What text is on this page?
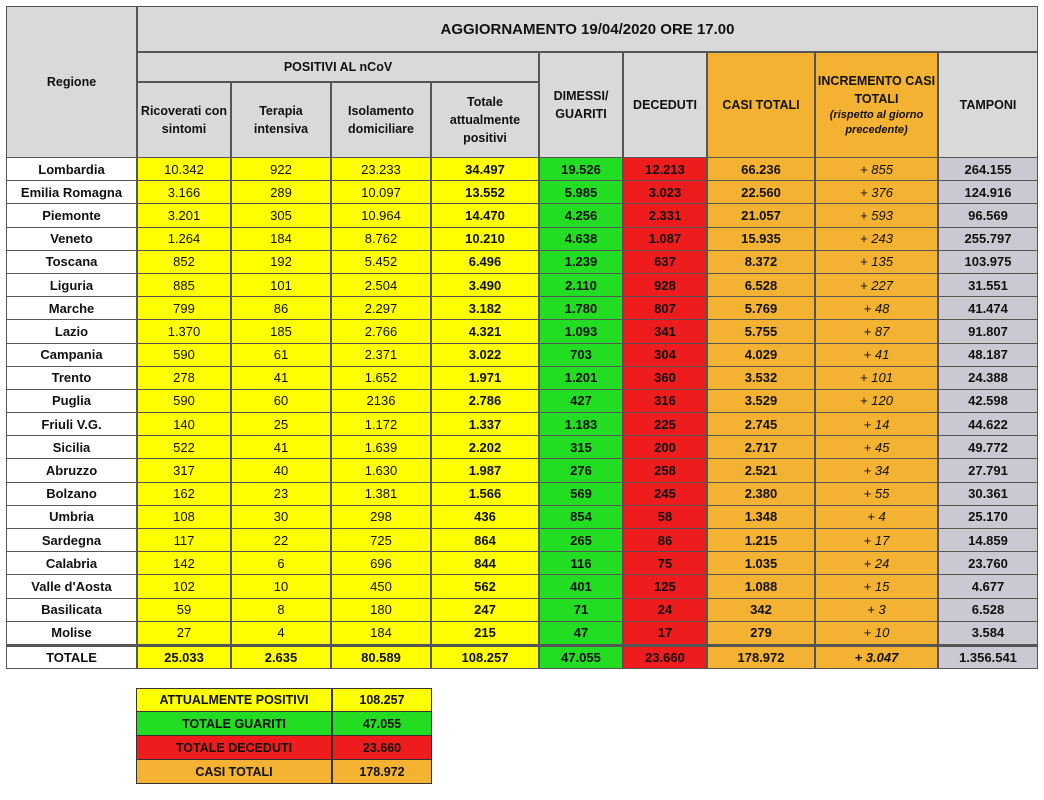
Regione
AGGIORNAMENTO 19/04/2020 ORE 17.00
POSITIVI AL nCoV
Ricoverati con sintomi
Terapia intensiva
Isolamento domiciliare
Totale attualmente positivi
DIMESSI/ GUARITI
DECEDUTI	CASI TOTALI
INCREMENTO CASI TOTALI
(rispetto al giorno precedente)
TAMPONI
Lombardia	10.342	922	23.233	34.497	19.526	12.213	66.236	+ 855	264.155
Emilia Romagna	3.166	289	10.097	13.552	5.985	3.023	22.560	+ 376	124.916
Piemonte	3.201	305	10.964	14.470	4.256	2.331	21.057	+ 593	96.569
Veneto	1.264	184	8.762	10.210	4.638	1.087	15.935	+ 243	255.797
Toscana	852	192	5.452	6.496	1.239	637	8.372	+ 135	103.975
Liguria	885	101	2.504	3.490	2.110	928	6.528	+ 227	31.551
Marche	799	86	2.297	3.182	1.780	807	5.769	+ 48	41.474
Lazio	1.370	185	2.766	4.321	1.093	341	5.755	+ 87	91.807
Campania	590	61	2.371	3.022	703	304	4.029	+ 41	48.187
Trento	278	41	1.652	1.971	1.201	360	3.532	+ 101	24.388
Puglia	590	60	2136	2.786	427	316	3.529	+ 120	42.598
Friuli V.G.	140	25	1.172	1.337	1.183	225	2.745	+ 14	44.622
Sicilia	522	41	1.639	2.202	315	200	2.717	+ 45	49.772
Abruzzo	317	40	1.630	1.987	276	258	2.521	+ 34	27.791
Bolzano	162	23	1.381	1.566	569	245	2.380	+ 55	30.361
Umbria	108	30	298	436	854	58	1.348	+ 4	25.170
Sardegna	117	22	725	864	265	86	1.215	+ 17	14.859
Calabria	142	6	696	844	116	75	1.035	+ 24	23.760
Valle d'Aosta	102	10	450	562	401	125	1.088	+ 15	4.677
Basilicata	59	8	180	247	71	24	342	+ 3	6.528
Molise	27	4	184	215	47	17	279	+ 10	3.584
TOTALE	25.033	2.635	80.589	108.257	47.055	23.660	178.972	+ 3.047	1.356.541
ATTUALMENTE POSITIVI	108.257
TOTALE GUARITI	47.055
TOTALE DECEDUTI	23.660
CASI TOTALI	178.972
